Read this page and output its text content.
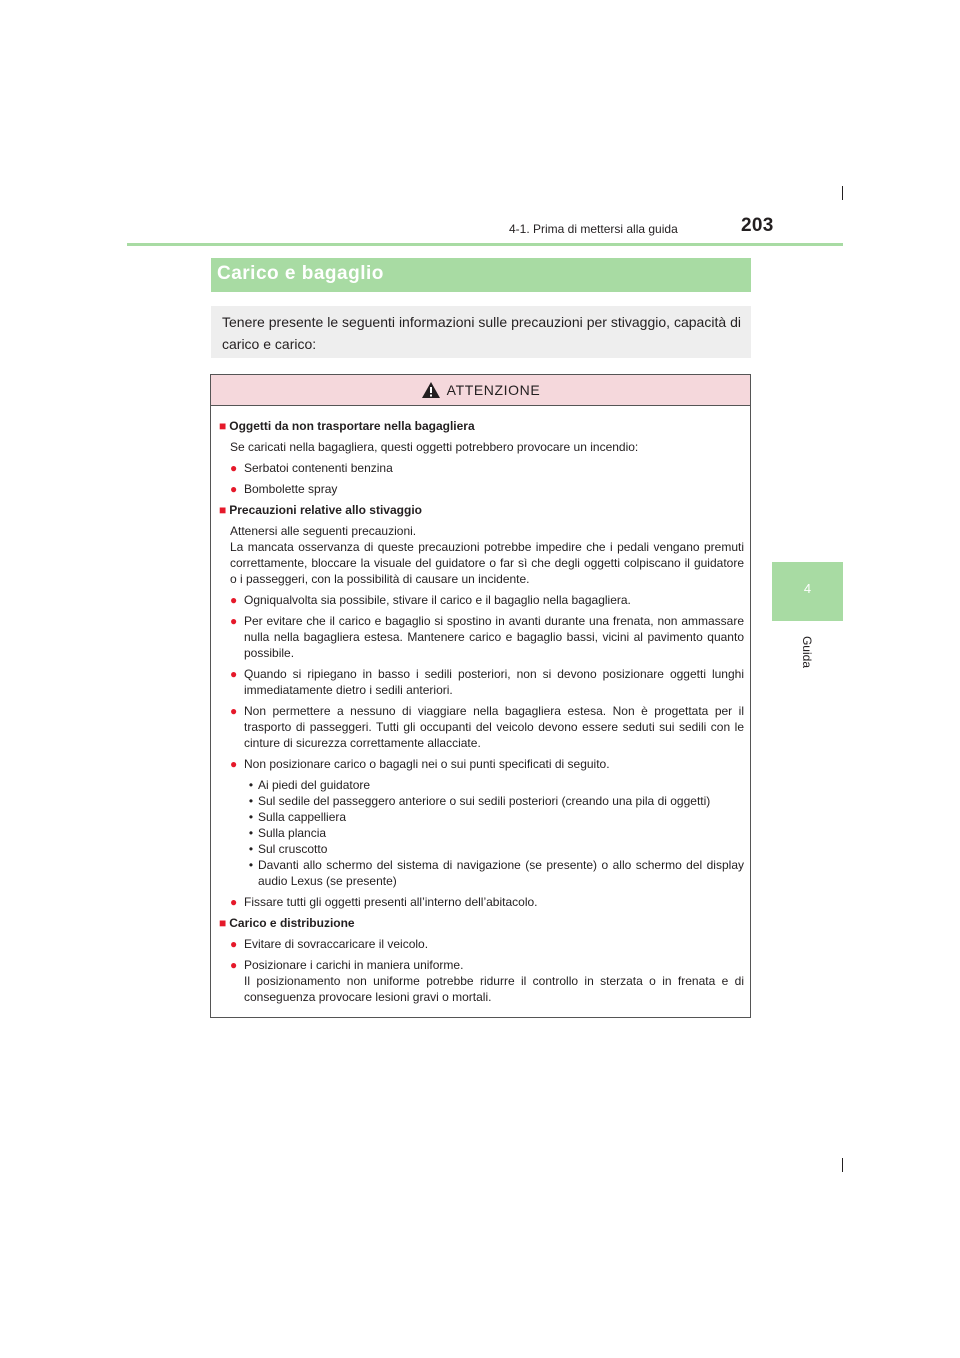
4-1. Prima di mettersi alla guida	203
4
Guida
Carico e bagaglio
Tenere presente le seguenti informazioni sulle precauzioni per stivaggio, capacità di carico e carico:
ATTENZIONE
■ Oggetti da non trasportare nella bagagliera
Se caricati nella bagagliera, questi oggetti potrebbero provocare un incendio:
● Serbatoi contenenti benzina
● Bombolette spray
■ Precauzioni relative allo stivaggio
Attenersi alle seguenti precauzioni.
La mancata osservanza di queste precauzioni potrebbe impedire che i pedali vengano premuti correttamente, bloccare la visuale del guidatore o far sì che degli oggetti colpiscano il guidatore o i passeggeri, con la possibilità di causare un incidente.
● Ogniqualvolta sia possibile, stivare il carico e il bagaglio nella bagagliera.
● Per evitare che il carico e bagaglio si spostino in avanti durante una frenata, non ammassare nulla nella bagagliera estesa. Mantenere carico e bagaglio bassi, vicini al pavimento quanto possibile.
● Quando si ripiegano in basso i sedili posteriori, non si devono posizionare oggetti lunghi immediatamente dietro i sedili anteriori.
● Non permettere a nessuno di viaggiare nella bagagliera estesa. Non è progettata per il trasporto di passeggeri. Tutti gli occupanti del veicolo devono essere seduti sui sedili con le cinture di sicurezza correttamente allacciate.
● Non posizionare carico o bagagli nei o sui punti specificati di seguito.
• Ai piedi del guidatore
• Sul sedile del passeggero anteriore o sui sedili posteriori (creando una pila di oggetti)
• Sulla cappelliera
• Sulla plancia
• Sul cruscotto
• Davanti allo schermo del sistema di navigazione (se presente) o allo schermo del display audio Lexus (se presente)
● Fissare tutti gli oggetti presenti all’interno dell’abitacolo.
■ Carico e distribuzione
● Evitare di sovraccaricare il veicolo.
● Posizionare i carichi in maniera uniforme.
Il posizionamento non uniforme potrebbe ridurre il controllo in sterzata o in frenata e di conseguenza provocare lesioni gravi o mortali.
